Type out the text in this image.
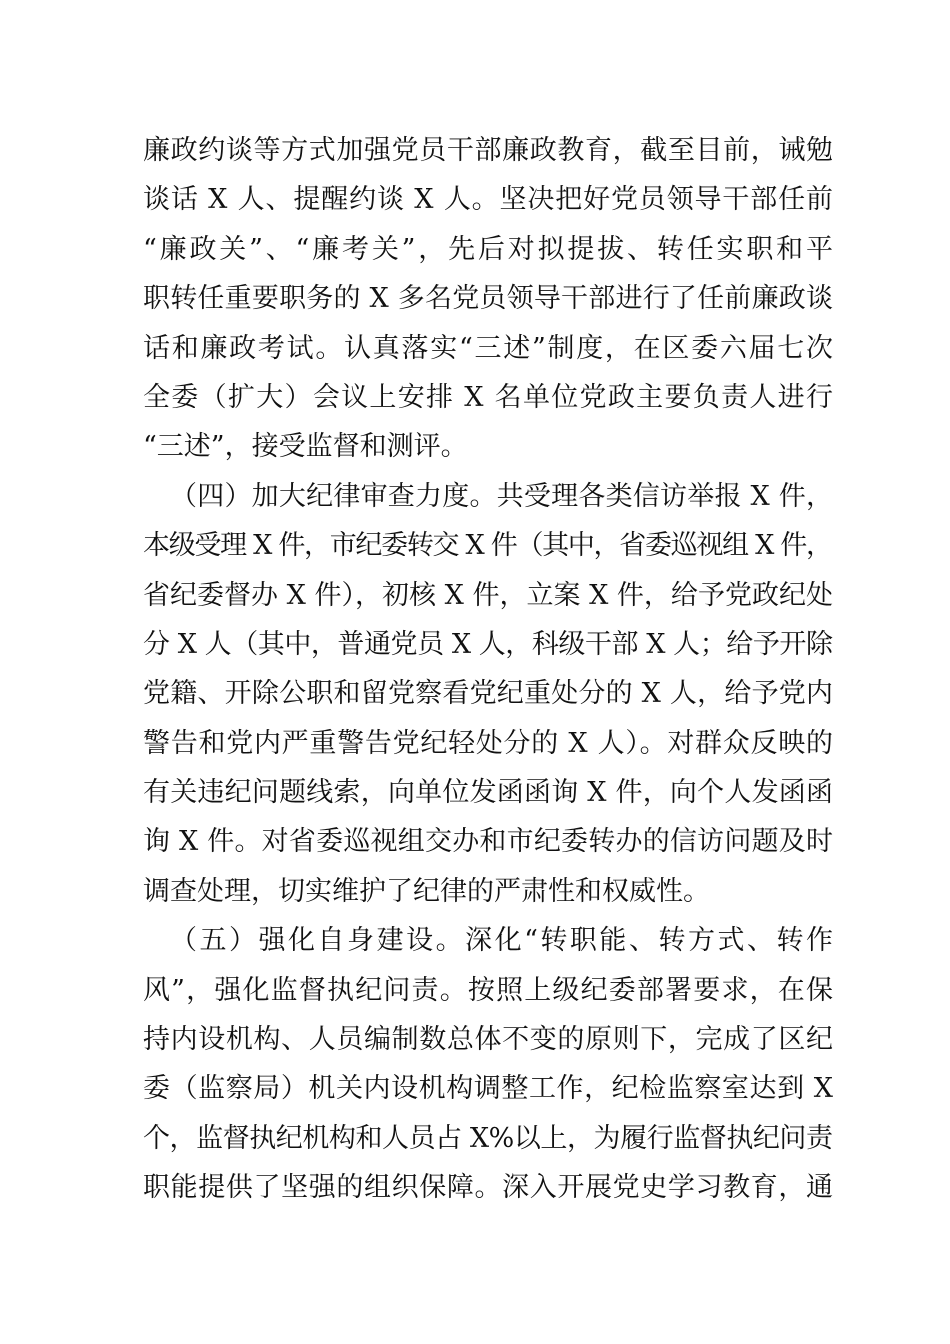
廉政约谈等方式加强党员干部廉政教育，截至目前，诫勉
谈话 X 人、提醒约谈 X 人。坚决把好党员领导干部任前
“廉政关”、“廉考关”，先后对拟提拔、转任实职和平
职转任重要职务的 X 多名党员领导干部进行了任前廉政谈
话和廉政考试。认真落实“三述”制度，在区委六届七次
全委（扩大）会议上安排 X 名单位党政主要负责人进行
“三述”，接受监督和测评。
（四）加大纪律审查力度。共受理各类信访举报 X 件，
本级受理 X 件，市纪委转交 X 件（其中，省委巡视组 X 件，
省纪委督办 X 件），初核 X 件，立案 X 件，给予党政纪处
分 X 人（其中，普通党员 X 人，科级干部 X 人；给予开除
党籍、开除公职和留党察看党纪重处分的 X 人，给予党内
警告和党内严重警告党纪轻处分的 X 人）。对群众反映的
有关违纪问题线索，向单位发函函询 X 件，向个人发函函
询 X 件。对省委巡视组交办和市纪委转办的信访问题及时
调查处理，切实维护了纪律的严肃性和权威性。
（五）强化自身建设。深化“转职能、转方式、转作
风”，强化监督执纪问责。按照上级纪委部署要求，在保
持内设机构、人员编制数总体不变的原则下，完成了区纪
委（监察局）机关内设机构调整工作，纪检监察室达到 X
个，监督执纪机构和人员占 X%以上，为履行监督执纪问责
职能提供了坚强的组织保障。深入开展党史学习教育，通
